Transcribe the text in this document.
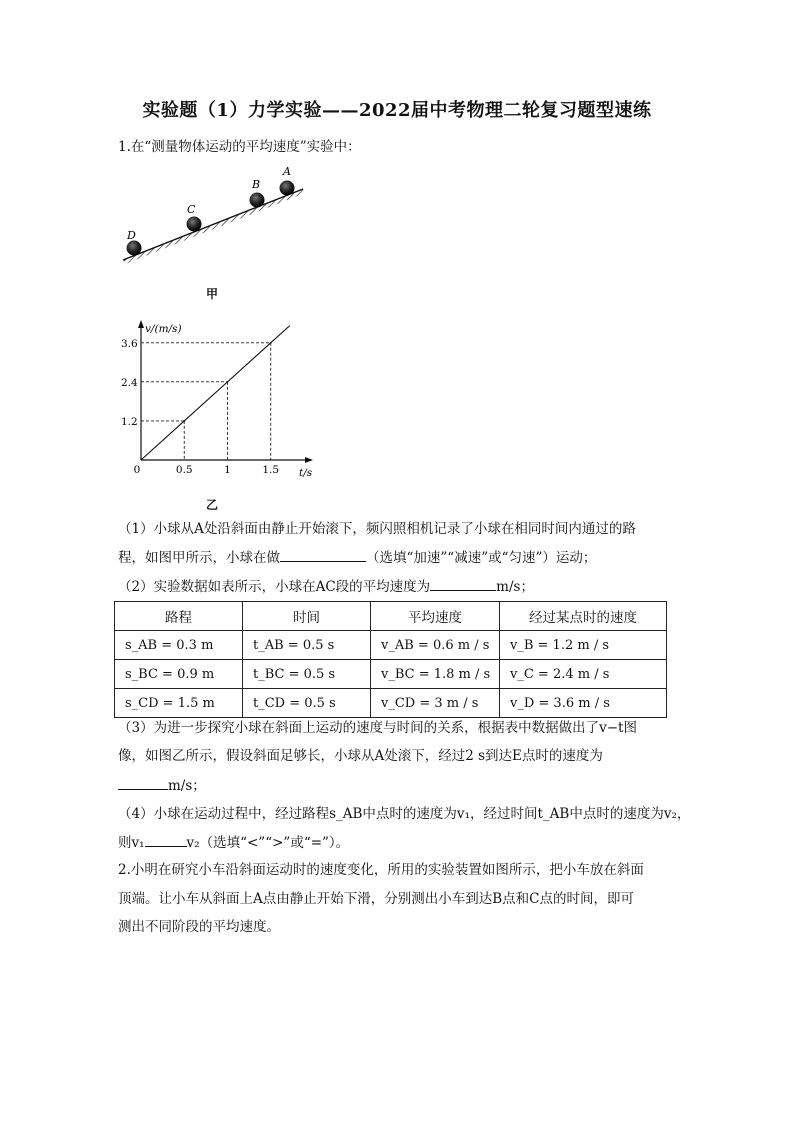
实验题（1）力学实验——2022届中考物理二轮复习题型速练
1.在“测量物体运动的平均速度”实验中：
A
B
C
D
甲
v/(m/s)
t/s
1.2
2.4
3.6
0	0.5	1	1.5
乙
（1）小球从A处沿斜面由静止开始滚下，频闪照相机记录了小球在相同时间内通过的路
程，如图甲所示，小球在做	（选填“加速”“减速”或“匀速”）运动；
（2）实验数据如表所示，小球在AC段的平均速度为	m/s；
路程	时间	平均速度	经过某点时的速度
s_AB = 0.3 m	t_AB = 0.5 s	v_AB = 0.6 m / s	v_B = 1.2 m / s
s_BC = 0.9 m	t_BC = 0.5 s	v_BC = 1.8 m / s	v_C = 2.4 m / s
s_CD = 1.5 m	t_CD = 0.5 s	v_CD = 3 m / s	v_D = 3.6 m / s
（3）为进一步探究小球在斜面上运动的速度与时间的关系，根据表中数据做出了v−t图
像，如图乙所示，假设斜面足够长，小球从A处滚下，经过2 s到达E点时的速度为
m/s；
（4）小球在运动过程中，经过路程s_AB中点时的速度为v₁，经过时间t_AB中点时的速度为v₂，
则v₁	v₂（选填“<”“>”或“=”）。
2.小明在研究小车沿斜面运动时的速度变化，所用的实验装置如图所示，把小车放在斜面
顶端。让小车从斜面上A点由静止开始下滑，分别测出小车到达B点和C点的时间，即可
测出不同阶段的平均速度。
